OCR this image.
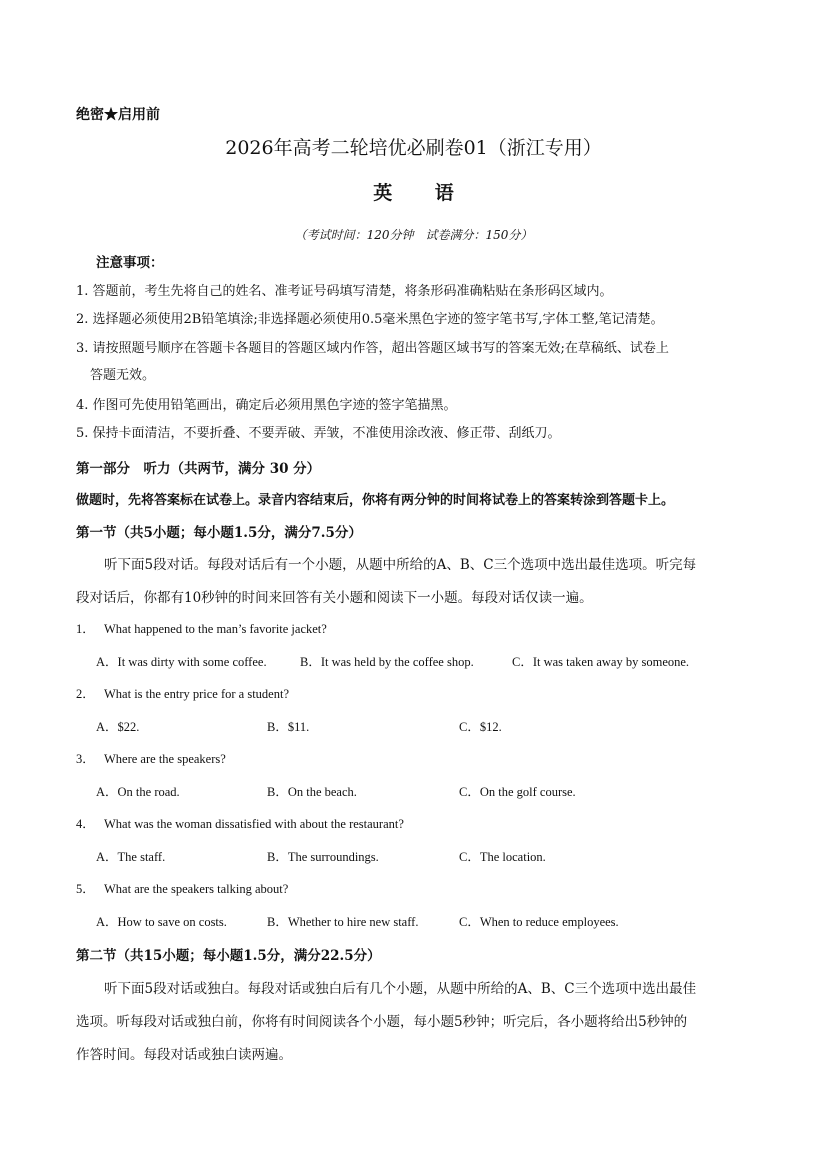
绝密★启用前
2026年高考二轮培优必刷卷01（浙江专用）
英 语
（考试时间：120分钟　试卷满分：150分）
注意事项：
1. 答题前，考生先将自己的姓名、准考证号码填写清楚，将条形码准确粘贴在条形码区域内。
2. 选择题必须使用2B铅笔填涂;非选择题必须使用0.5毫米黑色字迹的签字笔书写,字体工整,笔记清楚。
3. 请按照题号顺序在答题卡各题目的答题区域内作答，超出答题区域书写的答案无效;在草稿纸、试卷上
答题无效。
4. 作图可先使用铅笔画出，确定后必须用黑色字迹的签字笔描黑。
5. 保持卡面清洁，不要折叠、不要弄破、弄皱，不准使用涂改液、修正带、刮纸刀。
第一部分　听力（共两节，满分 30 分）
做题时，先将答案标在试卷上。录音内容结束后，你将有两分钟的时间将试卷上的答案转涂到答题卡上。
第一节（共5小题；每小题1.5分，满分7.5分）
听下面5段对话。每段对话后有一个小题，从题中所给的A、B、C三个选项中选出最佳选项。听完每
段对话后，你都有10秒钟的时间来回答有关小题和阅读下一小题。每段对话仅读一遍。
1． What happened to the man’s favorite jacket?
A．It was dirty with some coffee.	B．It was held by the coffee shop.	C．It was taken away by someone.
2． What is the entry price for a student?
A．$22.	B．$11.	C．$12.
3． Where are the speakers?
A．On the road.	B．On the beach.	C．On the golf course.
4． What was the woman dissatisfied with about the restaurant?
A．The staff.	B．The surroundings.	C．The location.
5． What are the speakers talking about?
A．How to save on costs.	B．Whether to hire new staff.	C．When to reduce employees.
第二节（共15小题；每小题1.5分，满分22.5分）
听下面5段对话或独白。每段对话或独白后有几个小题，从题中所给的A、B、C三个选项中选出最佳
选项。听每段对话或独白前，你将有时间阅读各个小题，每小题5秒钟；听完后，各小题将给出5秒钟的
作答时间。每段对话或独白读两遍。
